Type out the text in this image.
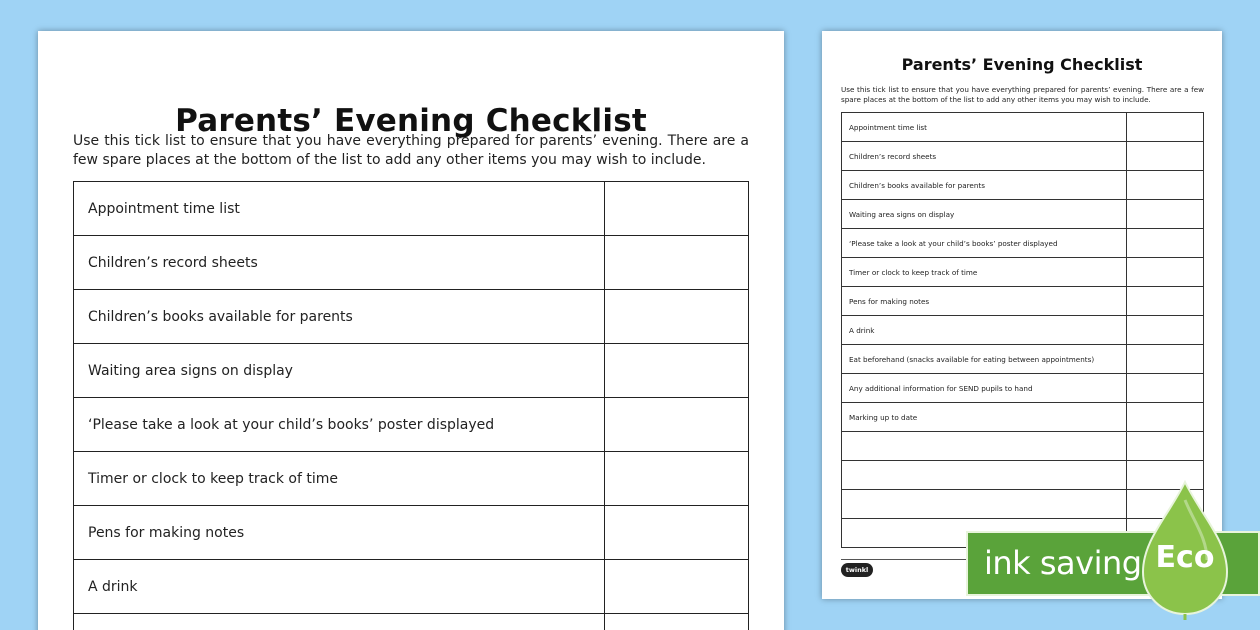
Parents’ Evening Checklist
Use this tick list to ensure that you have everything prepared for parents’ evening. There are a few spare places at the bottom of the list to add any other items you may wish to include.
Appointment time list	
Children’s record sheets	
Children’s books available for parents	
Waiting area signs on display	
‘Please take a look at your child’s books’ poster displayed	
Timer or clock to keep track of time	
Pens for making notes	
A drink	

Parents’ Evening Checklist
Use this tick list to ensure that you have everything prepared for parents’ evening. There are a few spare places at the bottom of the list to add any other items you may wish to include.
Appointment time list	
Children’s record sheets	
Children’s books available for parents	
Waiting area signs on display	
‘Please take a look at your child’s books’ poster displayed	
Timer or clock to keep track of time	
Pens for making notes	
A drink	
Eat beforehand (snacks available for eating between appointments)	
Any additional information for SEND pupils to hand	
Marking up to date	

twinkl	ink saving Eco
